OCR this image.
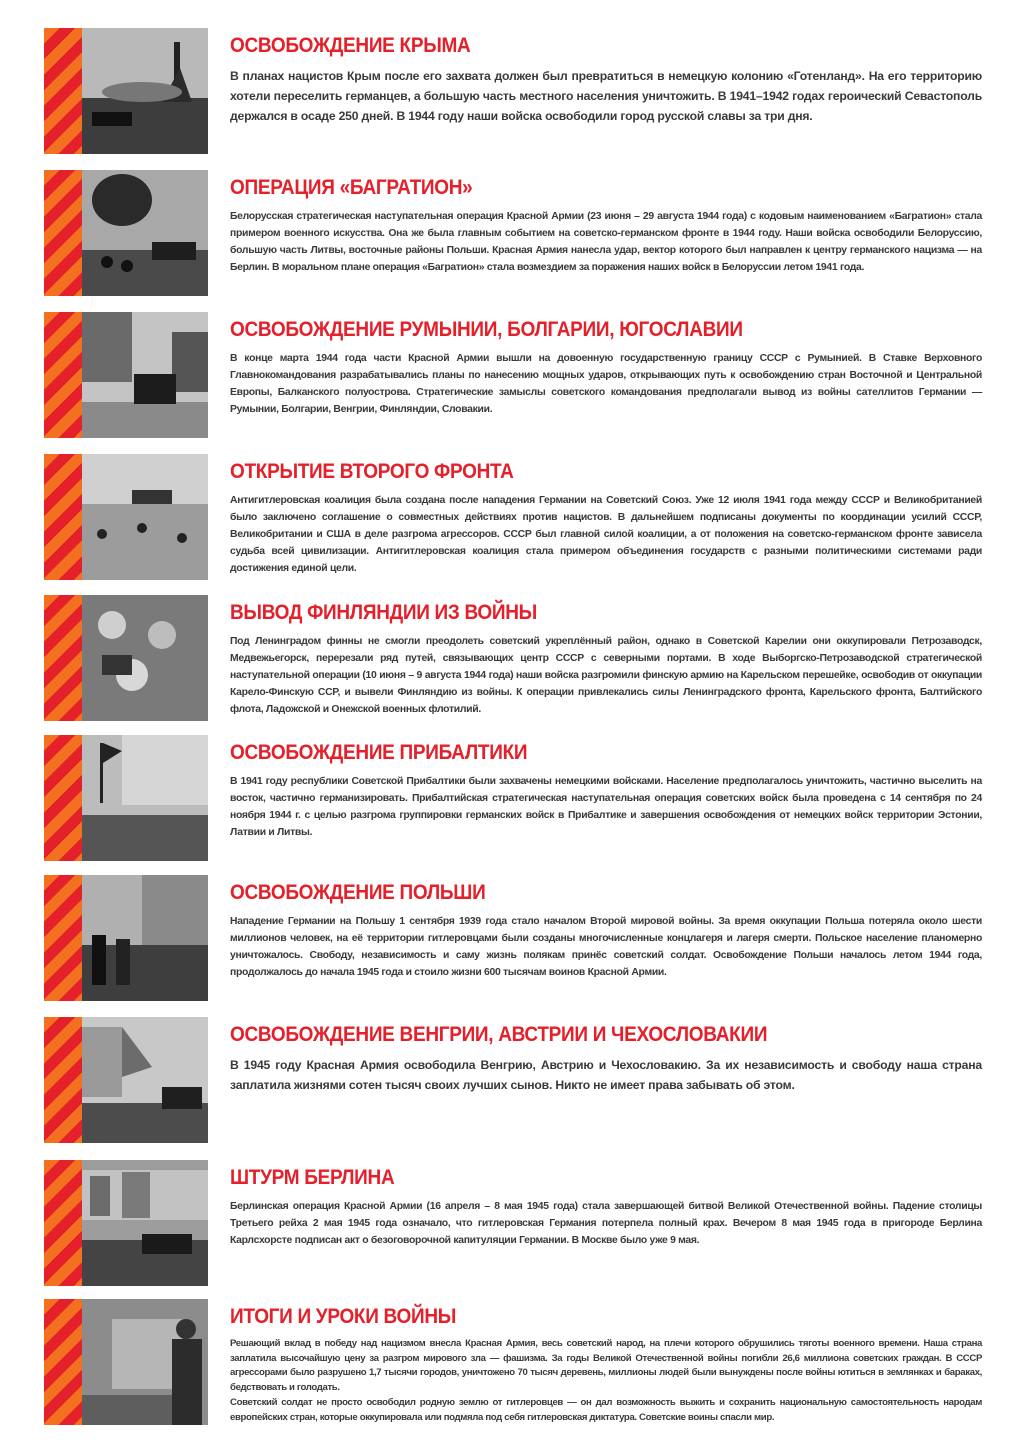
ОСВОБОЖДЕНИЕ КРЫМА

В планах нацистов Крым после его захвата должен был превратиться в немецкую колонию «Готенланд». На его территорию хотели переселить германцев, а большую часть местного населения уничтожить. В 1941–1942 годах героический Севастополь держался в осаде 250 дней. В 1944 году наши войска освободили город русской славы за три дня.

ОПЕРАЦИЯ «БАГРАТИОН»

Белорусская стратегическая наступательная операция Красной Армии (23 июня – 29 августа 1944 года) с кодовым наименованием «Багратион» стала примером военного искусства. Она же была главным событием на советско-германском фронте в 1944 году. Наши войска освободили Белоруссию, большую часть Литвы, восточные районы Польши. Красная Армия нанесла удар, вектор которого был направлен к центру германского нацизма — на Берлин. В моральном плане операция «Багратион» стала возмездием за поражения наших войск в Белоруссии летом 1941 года.

ОСВОБОЖДЕНИЕ РУМЫНИИ, БОЛГАРИИ, ЮГОСЛАВИИ

В конце марта 1944 года части Красной Армии вышли на довоенную государственную границу СССР с Румынией. В Ставке Верховного Главнокомандования разрабатывались планы по нанесению мощных ударов, открывающих путь к освобождению стран Восточной и Центральной Европы, Балканского полуострова. Стратегические замыслы советского командования предполагали вывод из войны сателлитов Германии — Румынии, Болгарии, Венгрии, Финляндии, Словакии.

ОТКРЫТИЕ ВТОРОГО ФРОНТА

Антигитлеровская коалиция была создана после нападения Германии на Советский Союз. Уже 12 июля 1941 года между СССР и Великобританией было заключено соглашение о совместных действиях против нацистов. В дальнейшем подписаны документы по координации усилий СССР, Великобритании и США в деле разгрома агрессоров. СССР был главной силой коалиции, а от положения на советско-германском фронте зависела судьба всей цивилизации. Антигитлеровская коалиция стала примером объединения государств с разными политическими системами ради достижения единой цели.

ВЫВОД ФИНЛЯНДИИ ИЗ ВОЙНЫ

Под Ленинградом финны не смогли преодолеть советский укреплённый район, однако в Советской Карелии они оккупировали Петрозаводск, Медвежьегорск, перерезали ряд путей, связывающих центр СССР с северными портами. В ходе Выборгско-Петрозаводской стратегической наступательной операции (10 июня – 9 августа 1944 года) наши войска разгромили финскую армию на Карельском перешейке, освободив от оккупации Карело-Финскую ССР, и вывели Финляндию из войны. К операции привлекались силы Ленинградского фронта, Карельского фронта, Балтийского флота, Ладожской и Онежской военных флотилий.

ОСВОБОЖДЕНИЕ ПРИБАЛТИКИ

В 1941 году республики Советской Прибалтики были захвачены немецкими войсками. Население предполагалось уничтожить, частично выселить на восток, частично германизировать. Прибалтийская стратегическая наступательная операция советских войск была проведена с 14 сентября по 24 ноября 1944 г. с целью разгрома группировки германских войск в Прибалтике и завершения освобождения от немецких войск территории Эстонии, Латвии и Литвы.

ОСВОБОЖДЕНИЕ ПОЛЬШИ

Нападение Германии на Польшу 1 сентября 1939 года стало началом Второй мировой войны. За время оккупации Польша потеряла около шести миллионов человек, на её территории гитлеровцами были созданы многочисленные концлагеря и лагеря смерти. Польское население планомерно уничтожалось. Свободу, независимость и саму жизнь полякам принёс советский солдат. Освобождение Польши началось летом 1944 года, продолжалось до начала 1945 года и стоило жизни 600 тысячам воинов Красной Армии.

ОСВОБОЖДЕНИЕ ВЕНГРИИ, АВСТРИИ И ЧЕХОСЛОВАКИИ

В 1945 году Красная Армия освободила Венгрию, Австрию и Чехословакию. За их независимость и свободу наша страна заплатила жизнями сотен тысяч своих лучших сынов. Никто не имеет права забывать об этом.

ШТУРМ БЕРЛИНА

Берлинская операция Красной Армии (16 апреля – 8 мая 1945 года) стала завершающей битвой Великой Отечественной войны. Падение столицы Третьего рейха 2 мая 1945 года означало, что гитлеровская Германия потерпела полный крах. Вечером 8 мая 1945 года в пригороде Берлина Карлсхорсте подписан акт о безоговорочной капитуляции Германии. В Москве было уже 9 мая.

ИТОГИ И УРОКИ ВОЙНЫ

Решающий вклад в победу над нацизмом внесла Красная Армия, весь советский народ, на плечи которого обрушились тяготы военного времени. Наша страна заплатила высочайшую цену за разгром мирового зла — фашизма. За годы Великой Отечественной войны погибли 26,6 миллиона советских граждан. В СССР агрессорами было разрушено 1,7 тысячи городов, уничтожено 70 тысяч деревень, миллионы людей были вынуждены после войны ютиться в землянках и бараках, бедствовать и голодать.

Советский солдат не просто освободил родную землю от гитлеровцев — он дал возможность выжить и сохранить национальную самостоятельность народам европейских стран, которые оккупировала или подмяла под себя гитлеровская диктатура. Советские воины спасли мир.
